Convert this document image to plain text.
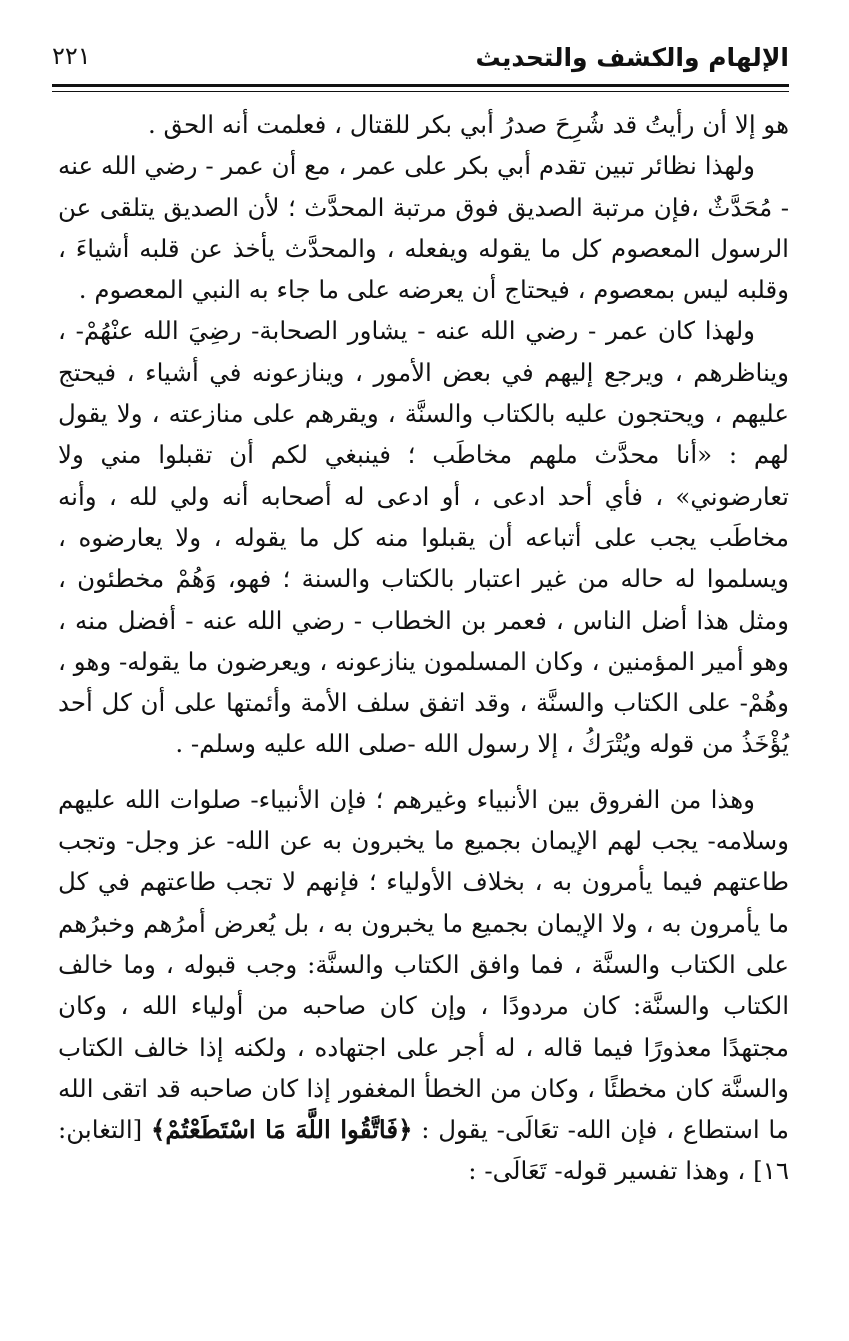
الإلهام والكشف والتحديث
٢٢١

هو إلا أن رأيتُ قد شُرِحَ صدرُ أبي بكر للقتال ، فعلمت أنه الحق .

ولهذا نظائر تبين تقدم أبي بكر على عمر ، مع أن عمر - رضي الله عنه - مُحَدَّثٌ ،فإن مرتبة الصديق فوق مرتبة المحدَّث ؛ لأن الصديق يتلقى عن الرسول المعصوم كل ما يقوله ويفعله ، والمحدَّث يأخذ عن قلبه أشياءَ ، وقلبه ليس بمعصوم ، فيحتاج أن يعرضه على ما جاء به النبي المعصوم .

ولهذا كان عمر - رضي الله عنه - يشاور الصحابة- رضِيَ الله عنْهُمْ- ، ويناظرهم ، ويرجع إليهم في بعض الأمور ، وينازعونه في أشياء ، فيحتج عليهم ، ويحتجون عليه بالكتاب والسنَّة ، ويقرهم على منازعته ، ولا يقول لهم : «أنا محدَّث ملهم مخاطَب ؛ فينبغي لكم أن تقبلوا مني ولا تعارضوني» ، فأي أحد ادعى ، أو ادعى له أصحابه أنه ولي لله ، وأنه مخاطَب يجب على أتباعه أن يقبلوا منه كل ما يقوله ، ولا يعارضوه ، ويسلموا له حاله من غير اعتبار بالكتاب والسنة ؛ فهو، وَهُمْ مخطئون ، ومثل هذا أضل الناس ، فعمر بن الخطاب - رضي الله عنه - أفضل منه ، وهو أمير المؤمنين ، وكان المسلمون ينازعونه ، ويعرضون ما يقوله- وهو ، وهُمْ- على الكتاب والسنَّة ، وقد اتفق سلف الأمة وأئمتها على أن كل أحد يُؤْخَذُ من قوله ويُتْرَكُ ، إلا رسول الله -صلى الله عليه وسلم- .

وهذا من الفروق بين الأنبياء وغيرهم ؛ فإن الأنبياء- صلوات الله عليهم وسلامه- يجب لهم الإيمان بجميع ما يخبرون به عن الله- عز وجل- وتجب طاعتهم فيما يأمرون به ، بخلاف الأولياء ؛ فإنهم لا تجب طاعتهم في كل ما يأمرون به ، ولا الإيمان بجميع ما يخبرون به ، بل يُعرض أمرُهم وخبرُهم على الكتاب والسنَّة ، فما وافق الكتاب والسنَّة: وجب قبوله ، وما خالف الكتاب والسنَّة: كان مردودًا ، وإن كان صاحبه من أولياء الله ، وكان مجتهدًا معذورًا فيما قاله ، له أجر على اجتهاده ، ولكنه إذا خالف الكتاب والسنَّة كان مخطئًا ، وكان من الخطأ المغفور إذا كان صاحبه قد اتقى الله ما استطاع ، فإن الله- تعَالَى- يقول : ﴿فَاتَّقُوا اللَّهَ مَا اسْتَطَعْتُمْ﴾ [التغابن: ١٦] ، وهذا تفسير قوله- تَعَالَى- :
